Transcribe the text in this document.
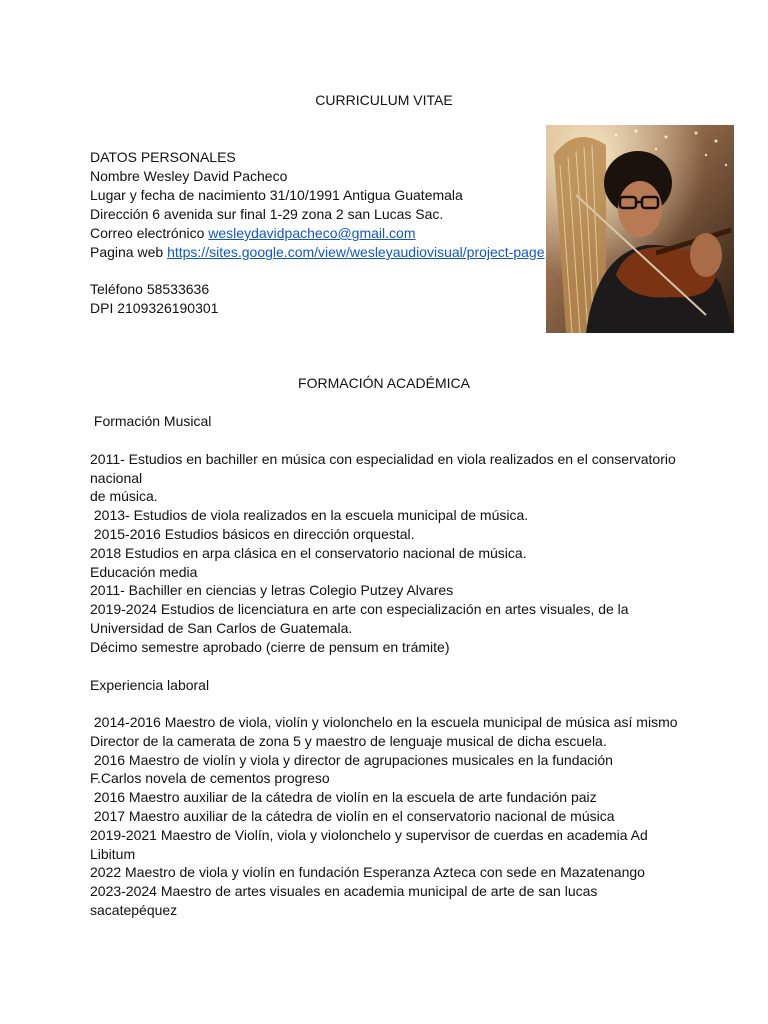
CURRICULUM VITAE
DATOS PERSONALES
Nombre Wesley David Pacheco
Lugar y fecha de nacimiento 31/10/1991 Antigua Guatemala
Dirección 6 avenida sur final 1-29 zona 2 san Lucas Sac.
Correo electrónico wesleydavidpacheco@gmail.com
Pagina web https://sites.google.com/view/wesleyaudiovisual/project-page
Teléfono 58533636
DPI 2109326190301
FORMACIÓN ACADÉMICA
Formación Musical
2011- Estudios en bachiller en música con especialidad en viola realizados en el conservatorio
nacional
de música.
2013- Estudios de viola realizados en la escuela municipal de música.
2015-2016 Estudios básicos en dirección orquestal.
2018 Estudios en arpa clásica en el conservatorio nacional de música.
Educación media
2011- Bachiller en ciencias y letras Colegio Putzey Alvares
2019-2024 Estudios de licenciatura en arte con especialización en artes visuales, de la
Universidad de San Carlos de Guatemala.
Décimo semestre aprobado (cierre de pensum en trámite)
Experiencia laboral
2014-2016 Maestro de viola, violín y violonchelo en la escuela municipal de música así mismo
Director de la camerata de zona 5 y maestro de lenguaje musical de dicha escuela.
2016 Maestro de violín y viola y director de agrupaciones musicales en la fundación
F.Carlos novela de cementos progreso
2016 Maestro auxiliar de la cátedra de violín en la escuela de arte fundación paiz
2017 Maestro auxiliar de la cátedra de violín en el conservatorio nacional de música
2019-2021 Maestro de Violín, viola y violonchelo y supervisor de cuerdas en academia Ad
Libitum
2022 Maestro de viola y violín en fundación Esperanza Azteca con sede en Mazatenango
2023-2024 Maestro de artes visuales en academia municipal de arte de san lucas
sacatepéquez
